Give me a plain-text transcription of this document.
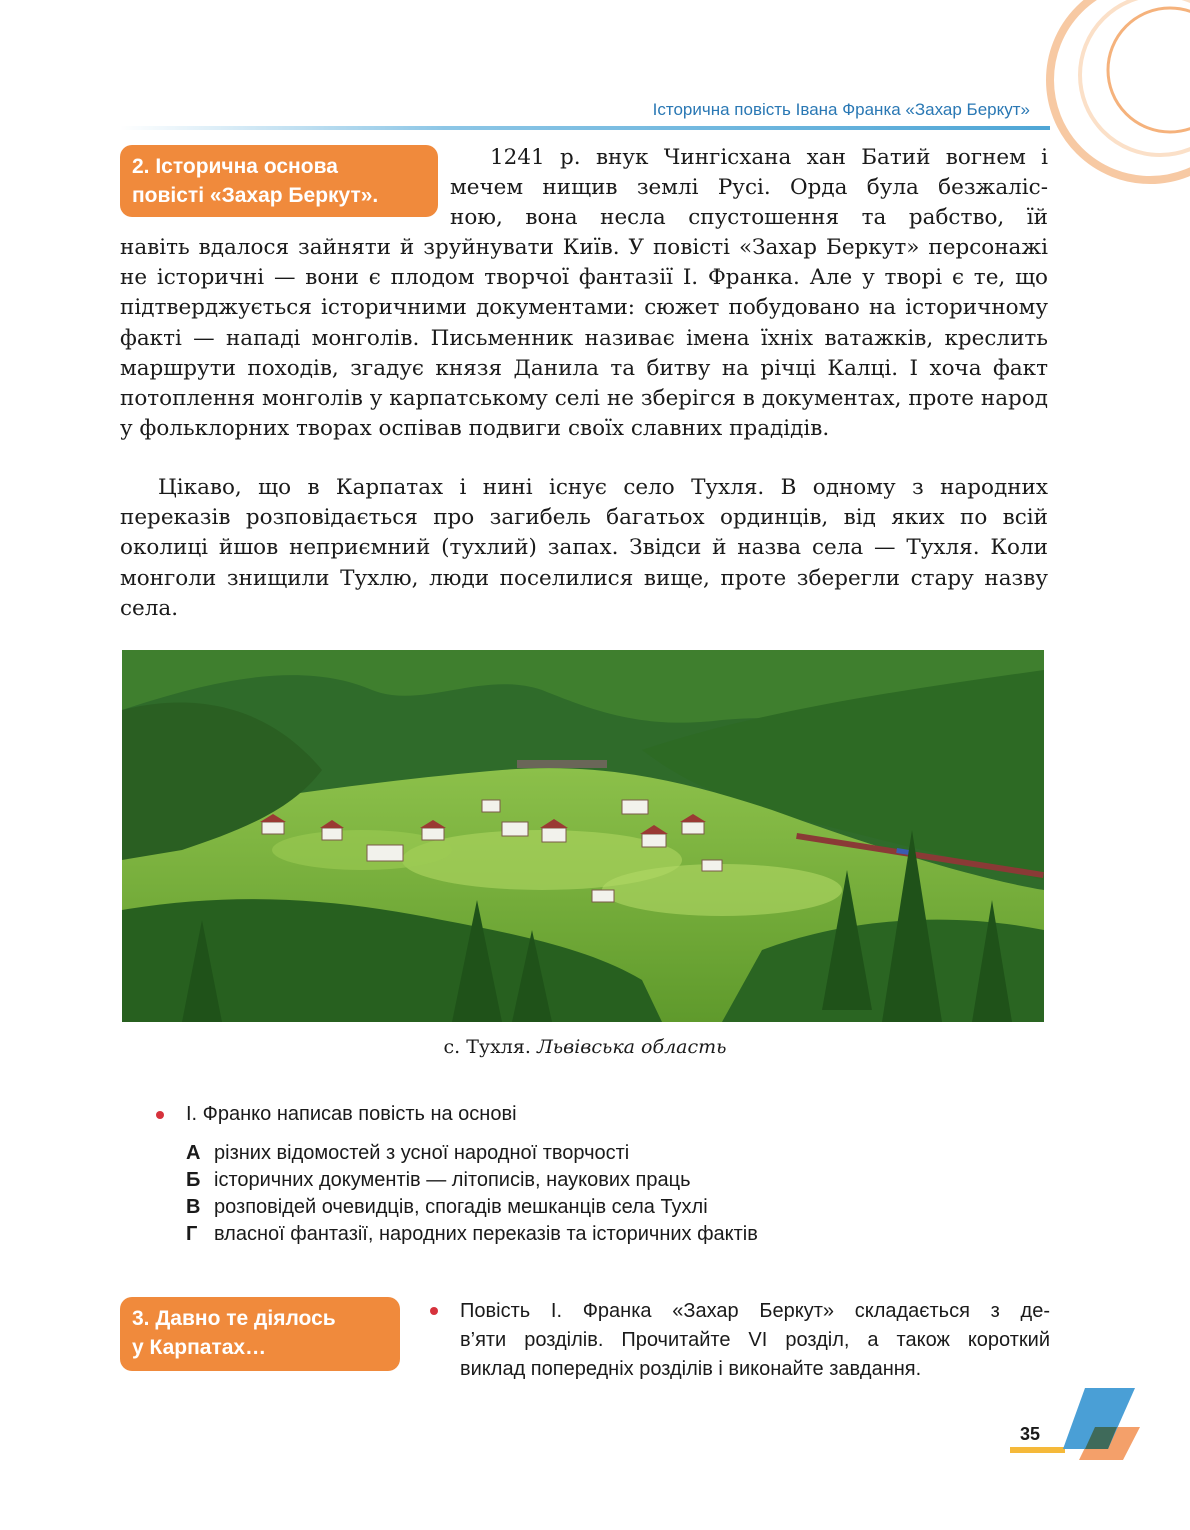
Історична повість Івана Франка «Захар Беркут»
2. Історична основа
повісті «Захар Беркут».
1241 р. внук Чингісхана хан Батий вогнем і
мечем нищив землі Русі. Орда була безжаліс-
ною, вона несла спустошення та рабство, їй

навіть вдалося зайняти й зруйнувати Київ. У повісті «Захар Беркут» персонажі не історичні — вони є плодом творчої фантазії І. Франка. Але у творі є те, що підтверджується історичними документами: сюжет побудовано на історичному факті — нападі монголів. Письменник називає імена їхніх ватажків, креслить маршрути походів, згадує князя Данила та битву на річці Калці. І хоча факт потоплення монголів у карпатському селі не зберігся в документах, проте народ у фольклорних творах оспівав подвиги своїх славних прадідів.

Цікаво, що в Карпатах і нині існує село Тухля. В одному з народних переказів розповідається про загибель багатьох ординців, від яких по всій околиці йшов неприємний (тухлий) запах. Звідси й назва села — Тухля. Коли монголи знищили Тухлю, люди поселилися вище, проте зберегли стару назву села.

с. Тухля. Львівська область
І. Франко написав повість на основі
А різних відомостей з усної народної творчості
Б історичних документів — літописів, наукових праць
В розповідей очевидців, спогадів мешканців села Тухлі
Г власної фантазії, народних переказів та історичних фактів
3. Давно те діялось
у Карпатах…
Повість І. Франка «Захар Беркут» складається з де-
в’яти розділів. Прочитайте VI розділ, а також короткий
виклад попередніх розділів і виконайте завдання.
35
